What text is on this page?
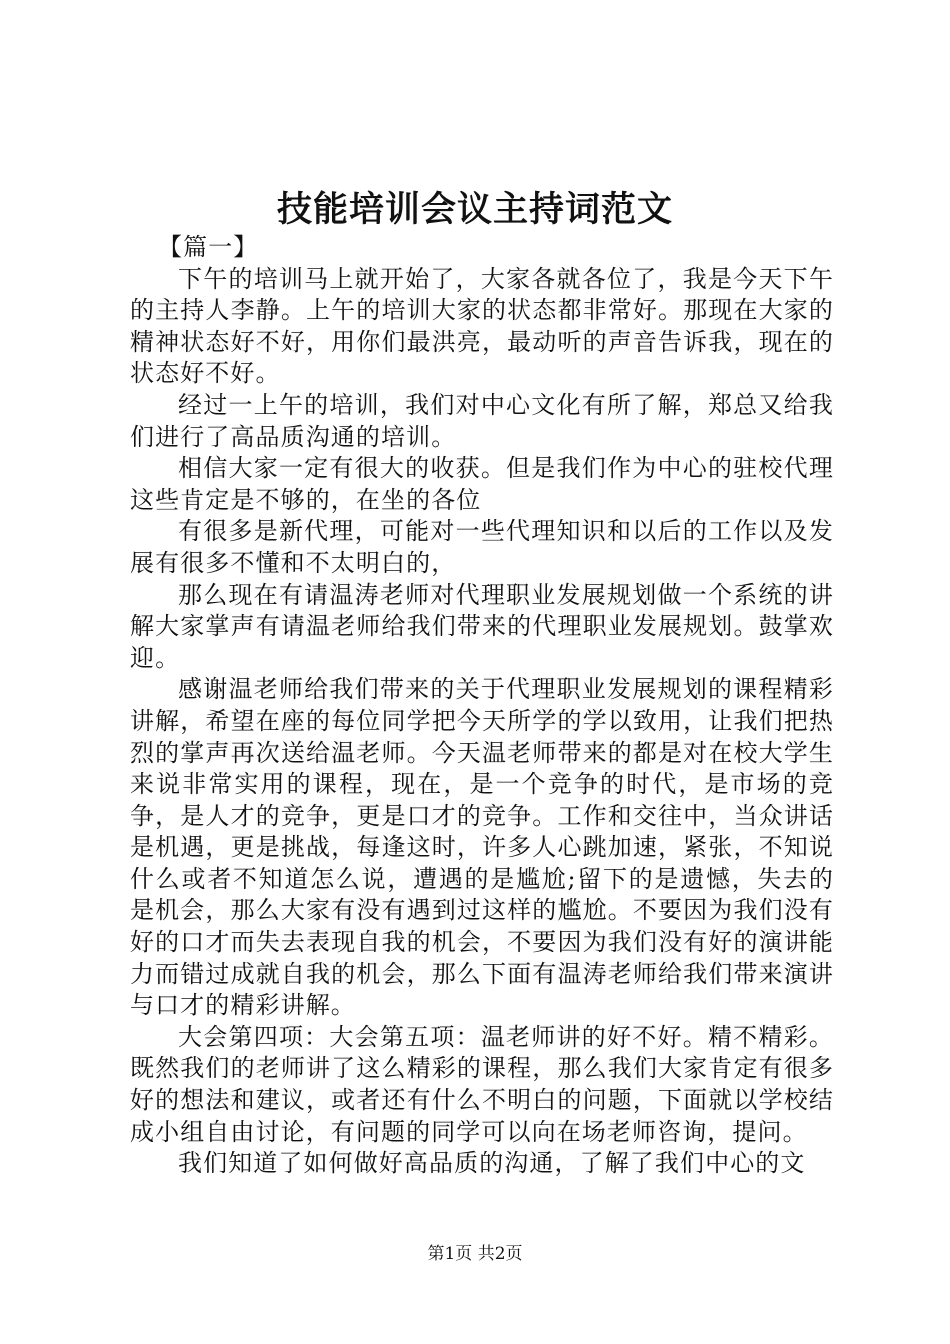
技能培训会议主持词范文

【篇一】

下午的培训马上就开始了，大家各就各位了，我是今天下午的主持人李静。上午的培训大家的状态都非常好。那现在大家的精神状态好不好，用你们最洪亮，最动听的声音告诉我，现在的状态好不好。

经过一上午的培训，我们对中心文化有所了解，郑总又给我们进行了高品质沟通的培训。

相信大家一定有很大的收获。但是我们作为中心的驻校代理这些肯定是不够的，在坐的各位

有很多是新代理，可能对一些代理知识和以后的工作以及发展有很多不懂和不太明白的，

那么现在有请温涛老师对代理职业发展规划做一个系统的讲解大家掌声有请温老师给我们带来的代理职业发展规划。鼓掌欢迎。

感谢温老师给我们带来的关于代理职业发展规划的课程精彩讲解，希望在座的每位同学把今天所学的学以致用，让我们把热烈的掌声再次送给温老师。今天温老师带来的都是对在校大学生来说非常实用的课程，现在，是一个竞争的时代，是市场的竞争，是人才的竞争，更是口才的竞争。工作和交往中，当众讲话是机遇，更是挑战，每逢这时，许多人心跳加速，紧张，不知说什么或者不知道怎么说，遭遇的是尴尬;留下的是遗憾，失去的是机会，那么大家有没有遇到过这样的尴尬。不要因为我们没有好的口才而失去表现自我的机会，不要因为我们没有好的演讲能力而错过成就自我的机会，那么下面有温涛老师给我们带来演讲与口才的精彩讲解。

大会第四项：大会第五项：温老师讲的好不好。精不精彩。既然我们的老师讲了这么精彩的课程，那么我们大家肯定有很多好的想法和建议，或者还有什么不明白的问题，下面就以学校结成小组自由讨论，有问题的同学可以向在场老师咨询，提问。

我们知道了如何做好高品质的沟通，了解了我们中心的文

第1页 共2页
